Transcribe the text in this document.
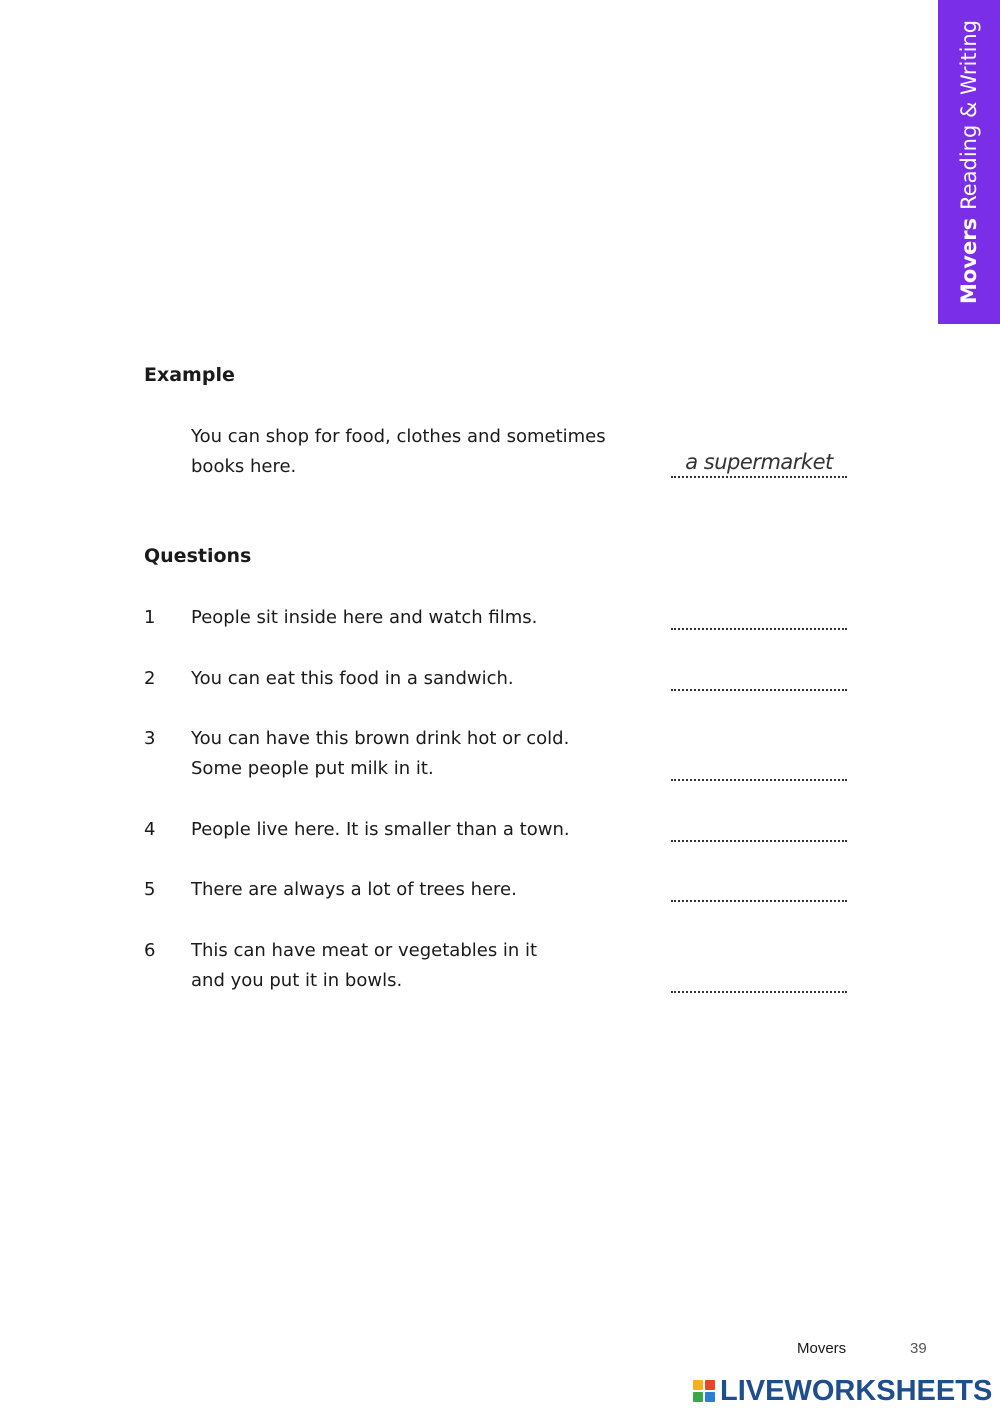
MoversReading & Writing
Example
You can shop for food, clothes and sometimes
books here.	a supermarket
Questions
1 People sit inside here and watch films.
2 You can eat this food in a sandwich.
3 You can have this brown drink hot or cold.
Some people put milk in it.
4 People live here. It is smaller than a town.
5 There are always a lot of trees here.
6 This can have meat or vegetables in it
and you put it in bowls.
Movers	39
LIVEWORKSHEETS
